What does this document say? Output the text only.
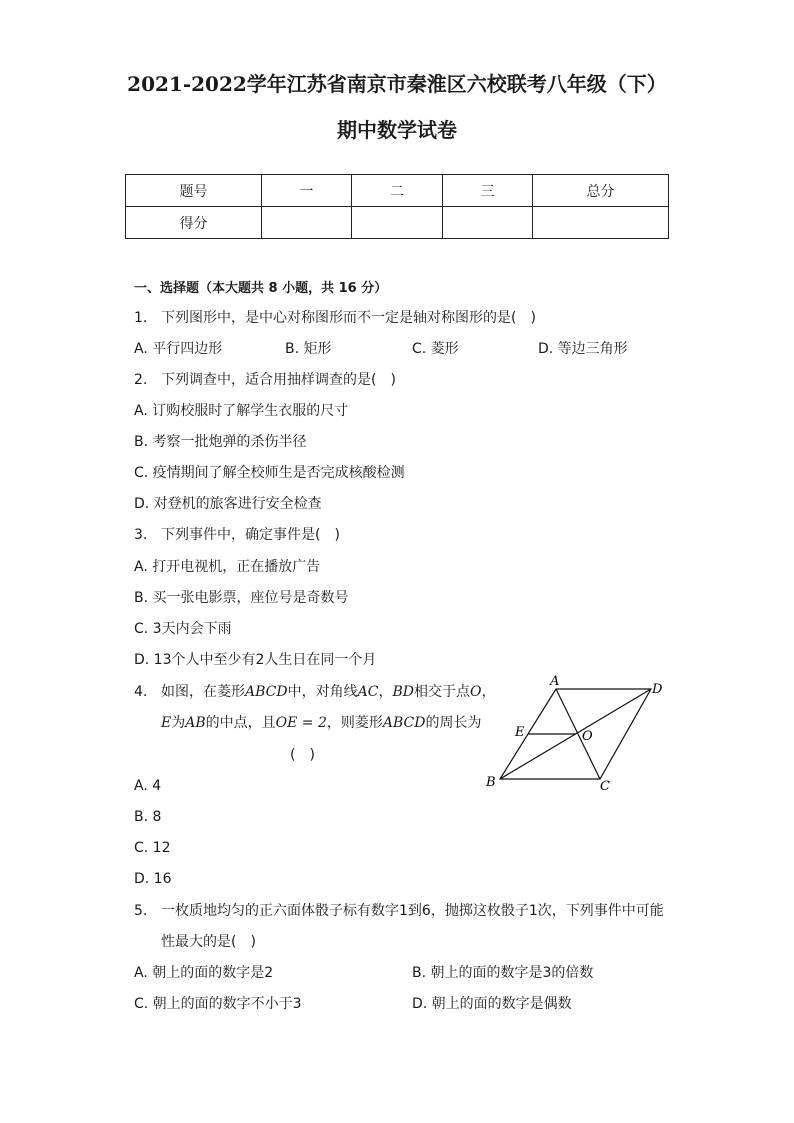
2021-2022学年江苏省南京市秦淮区六校联考八年级（下）
期中数学试卷
题号	一	二	三	总分
得分				
一、选择题（本大题共 8 小题，共 16 分）
1. 下列图形中，是中心对称图形而不一定是轴对称图形的是( )
A. 平行四边形	B. 矩形	C. 菱形	D. 等边三角形
2. 下列调查中，适合用抽样调查的是( )
A. 订购校服时了解学生衣服的尺寸
B. 考察一批炮弹的杀伤半径
C. 疫情期间了解全校师生是否完成核酸检测
D. 对登机的旅客进行安全检查
3. 下列事件中，确定事件是( )
A. 打开电视机，正在播放广告
B. 买一张电影票，座位号是奇数号
C. 3天内会下雨
D. 13个人中至少有2人生日在同一个月
4. 如图，在菱形ABCD中，对角线AC，BD相交于点O，
E为AB的中点，且OE = 2，则菱形ABCD的周长为
( )
A. 4
B. 8
C. 12
D. 16
A
D
E	O
B	C
5. 一枚质地均匀的正六面体骰子标有数字1到6，抛掷这枚骰子1次，下列事件中可能
性最大的是( )
A. 朝上的面的数字是2	B. 朝上的面的数字是3的倍数
C. 朝上的面的数字不小于3	D. 朝上的面的数字是偶数
